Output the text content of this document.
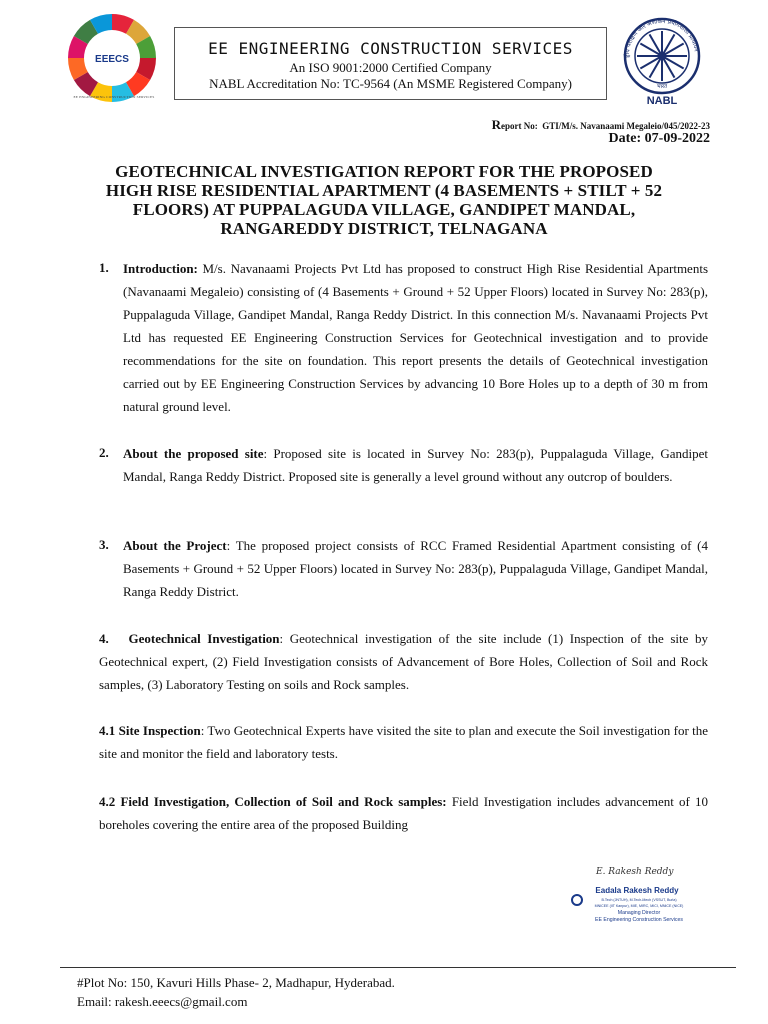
EEECS
EE ENGINEERING CONSTRUCTION SERVICES
EE ENGINEERING CONSTRUCTION SERVICES
An ISO 9001:2000 Certified Company
NABL Accreditation No: TC-9564 (An MSME Registered Company)
ष्ट्रीय परीक्षण और अंशांकन प्रयोगशाला प्रत्यायन
भारत
NABL
Report No: GTI/M/s. Navanaami Megaleio/045/2022-23
Date: 07-09-2022
GEOTECHNICAL INVESTIGATION REPORT FOR THE PROPOSED HIGH RISE RESIDENTIAL APARTMENT (4 BASEMENTS + STILT + 52 FLOORS) AT PUPPALAGUDA VILLAGE, GANDIPET MANDAL, RANGAREDDY DISTRICT, TELNAGANA
1. Introduction: M/s. Navanaami Projects Pvt Ltd has proposed to construct High Rise Residential Apartments (Navanaami Megaleio) consisting of (4 Basements + Ground + 52 Upper Floors) located in Survey No: 283(p), Puppalaguda Village, Gandipet Mandal, Ranga Reddy District. In this connection M/s. Navanaami Projects Pvt Ltd has requested EE Engineering Construction Services for Geotechnical investigation and to provide recommendations for the site on foundation. This report presents the details of Geotechnical investigation carried out by EE Engineering Construction Services by advancing 10 Bore Holes up to a depth of 30 m from natural ground level.
2. About the proposed site: Proposed site is located in Survey No: 283(p), Puppalaguda Village, Gandipet Mandal, Ranga Reddy District. Proposed site is generally a level ground without any outcrop of boulders.
3. About the Project: The proposed project consists of RCC Framed Residential Apartment consisting of (4 Basements + Ground + 52 Upper Floors) located in Survey No: 283(p), Puppalaguda Village, Gandipet Mandal, Ranga Reddy District.
4. Geotechnical Investigation: Geotechnical investigation of the site include (1) Inspection of the site by Geotechnical expert, (2) Field Investigation consists of Advancement of Bore Holes, Collection of Soil and Rock samples, (3) Laboratory Testing on soils and Rock samples.
4.1 Site Inspection: Two Geotechnical Experts have visited the site to plan and execute the Soil investigation for the site and monitor the field and laboratory tests.
4.2 Field Investigation, Collection of Soil and Rock samples: Field Investigation includes advancement of 10 boreholes covering the entire area of the proposed Building
E. Rakesh Reddy
Eadala Rakesh Reddy
B.Tech (JNTUH), M.Tech-Mech (VSSUT, Burla)
MNICEE (IIT Kanpur), MIE, MIRC, MICI, MNICE (NICE)
Managing Director
EE Engineering Construction Services
#Plot No: 150, Kavuri Hills Phase- 2, Madhapur, Hyderabad.
Email: rakesh.eeecs@gmail.com
